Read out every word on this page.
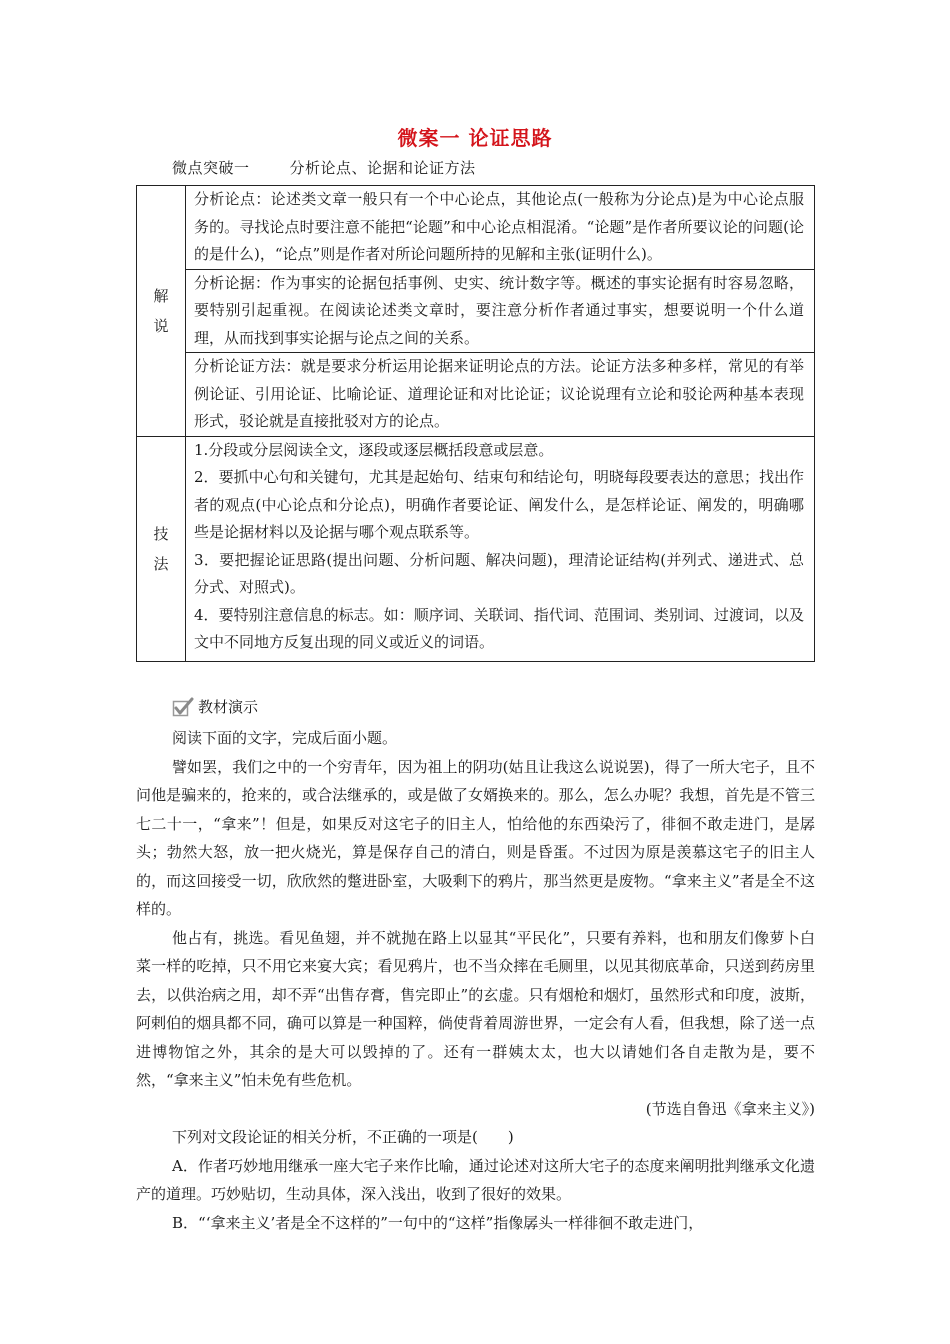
微案一 论证思路
微点突破一	分析论点、论据和论证方法
解说	分析论点：论述类文章一般只有一个中心论点，其他论点(一般称为分论点)是为中心论点服务的。寻找论点时要注意不能把“论题”和中心论点相混淆。“论题”是作者所要议论的问题(论的是什么)，“论点”则是作者对所论问题所持的见解和主张(证明什么)。
	分析论据：作为事实的论据包括事例、史实、统计数字等。概述的事实论据有时容易忽略，要特别引起重视。在阅读论述类文章时，要注意分析作者通过事实，想要说明一个什么道理，从而找到事实论据与论点之间的关系。
	分析论证方法：就是要求分析运用论据来证明论点的方法。论证方法多种多样，常见的有举例论证、引用论证、比喻论证、道理论证和对比论证；议论说理有立论和驳论两种基本表现形式，驳论就是直接批驳对方的论点。
技法	1.分段或分层阅读全文，逐段或逐层概括段意或层意。

2．要抓中心句和关键句，尤其是起始句、结束句和结论句，明晓每段要表达的意思；找出作者的观点(中心论点和分论点)，明确作者要论证、阐发什么，是怎样论证、阐发的，明确哪些是论据材料以及论据与哪个观点联系等。

3．要把握论证思路(提出问题、分析问题、解决问题)，理清论证结构(并列式、递进式、总分式、对照式)。

4．要特别注意信息的标志。如：顺序词、关联词、指代词、范围词、类别词、过渡词，以及文中不同地方反复出现的同义或近义的词语。

教材演示

阅读下面的文字，完成后面小题。

譬如罢，我们之中的一个穷青年，因为祖上的阴功(姑且让我这么说说罢)，得了一所大宅子，且不问他是骗来的，抢来的，或合法继承的，或是做了女婿换来的。那么，怎么办呢？我想，首先是不管三七二十一，“拿来”！但是，如果反对这宅子的旧主人，怕给他的东西染污了，徘徊不敢走进门，是孱头；勃然大怒，放一把火烧光，算是保存自己的清白，则是昏蛋。不过因为原是羡慕这宅子的旧主人的，而这回接受一切，欣欣然的蹩进卧室，大吸剩下的鸦片，那当然更是废物。“拿来主义”者是全不这样的。

他占有，挑选。看见鱼翅，并不就抛在路上以显其“平民化”，只要有养料，也和朋友们像萝卜白菜一样的吃掉，只不用它来宴大宾；看见鸦片，也不当众摔在毛厕里，以见其彻底革命，只送到药房里去，以供治病之用，却不弄“出售存膏，售完即止”的玄虚。只有烟枪和烟灯，虽然形式和印度，波斯，阿剌伯的烟具都不同，确可以算是一种国粹，倘使背着周游世界，一定会有人看，但我想，除了送一点进博物馆之外，其余的是大可以毁掉的了。还有一群姨太太，也大以请她们各自走散为是，要不然，“拿来主义”怕未免有些危机。

(节选自鲁迅《拿来主义》)

下列对文段论证的相关分析，不正确的一项是(　　)

A．作者巧妙地用继承一座大宅子来作比喻，通过论述对这所大宅子的态度来阐明批判继承文化遗产的道理。巧妙贴切，生动具体，深入浅出，收到了很好的效果。

B．“‘拿来主义’者是全不这样的”一句中的“这样”指像孱头一样徘徊不敢走进门，
